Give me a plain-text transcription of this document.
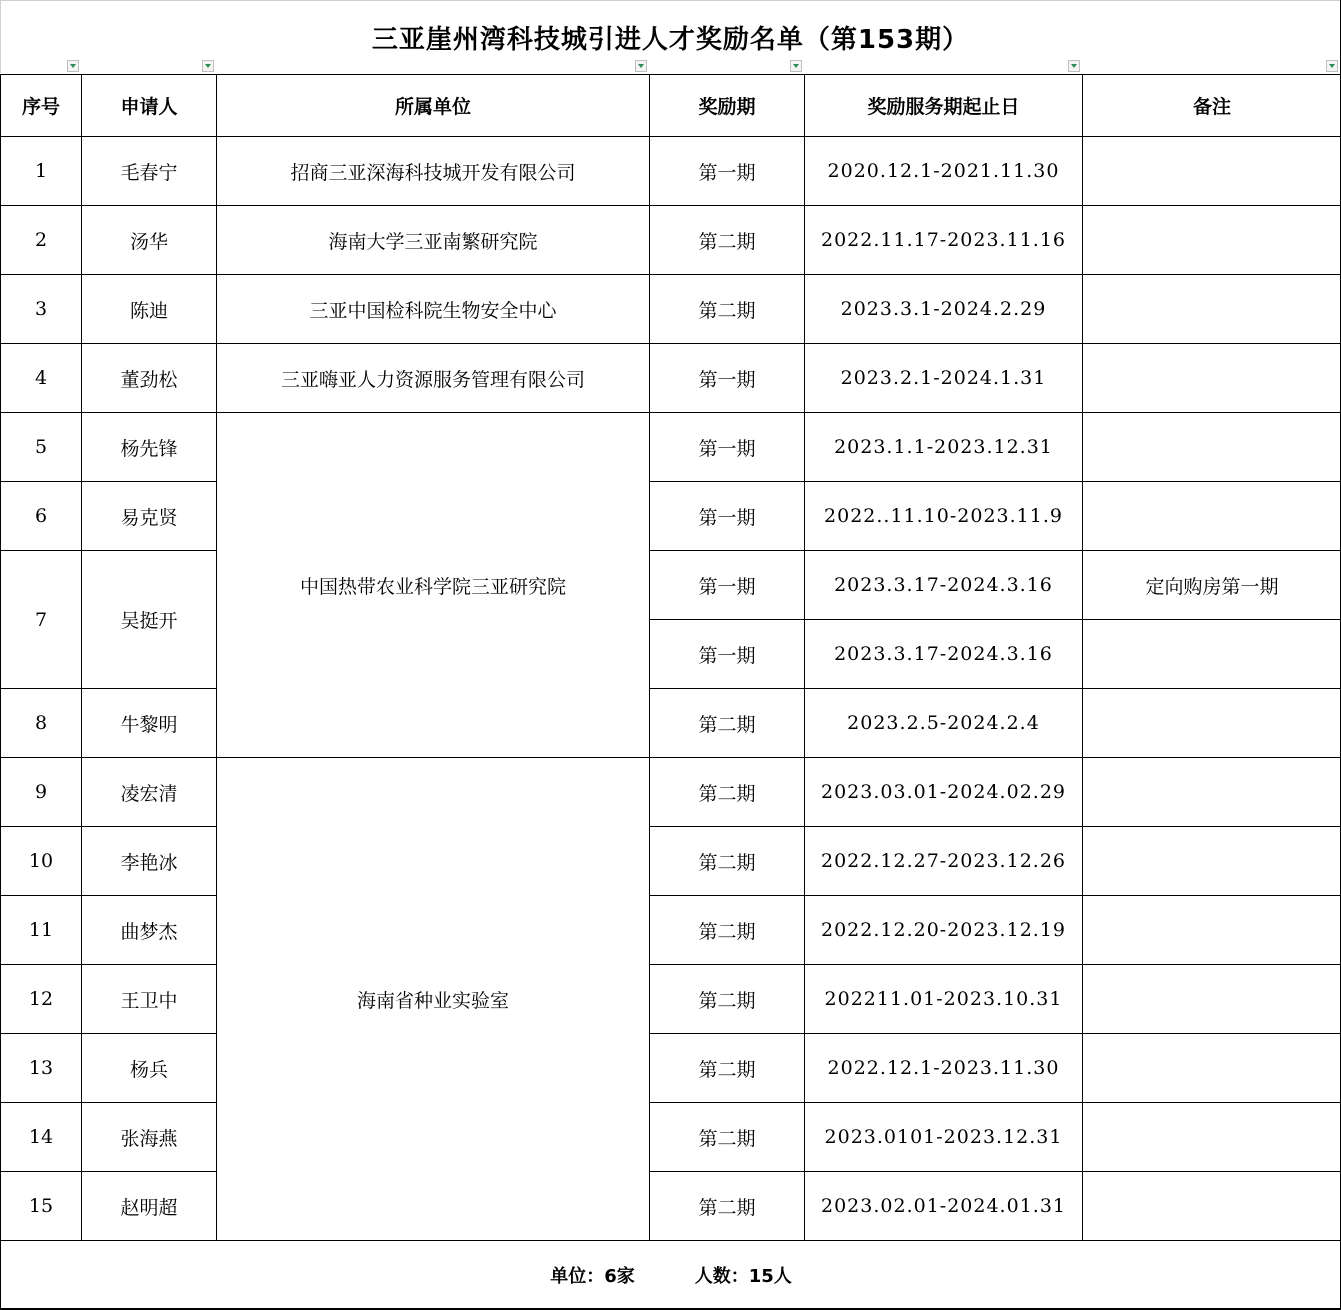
三亚崖州湾科技城引进人才奖励名单（第153期）
序号	申请人	所属单位	奖励期	奖励服务期起止日	备注
1	毛春宁	招商三亚深海科技城开发有限公司	第一期	2020.12.1-2021.11.30	
2	汤华	海南大学三亚南繁研究院	第二期	2022.11.17-2023.11.16	
3	陈迪	三亚中国检科院生物安全中心	第二期	2023.3.1-2024.2.29	
4	董劲松	三亚嗨亚人力资源服务管理有限公司	第一期	2023.2.1-2024.1.31	
5	杨先锋	中国热带农业科学院三亚研究院	第一期	2023.1.1-2023.12.31	
6	易克贤		第一期	2022..11.10-2023.11.9	
7	吴挺开		第一期	2023.3.17-2024.3.16	定向购房第一期
			第一期	2023.3.17-2024.3.16	
8	牛黎明		第二期	2023.2.5-2024.2.4	
9	凌宏清	海南省种业实验室	第二期	2023.03.01-2024.02.29	
10	李艳冰		第二期	2022.12.27-2023.12.26	
11	曲梦杰		第二期	2022.12.20-2023.12.19	
12	王卫中		第二期	202211.01-2023.10.31	
13	杨兵		第二期	2022.12.1-2023.11.30	
14	张海燕		第二期	2023.0101-2023.12.31	
15	赵明超		第二期	2023.02.01-2024.01.31	
单位：6家 人数：15人					
